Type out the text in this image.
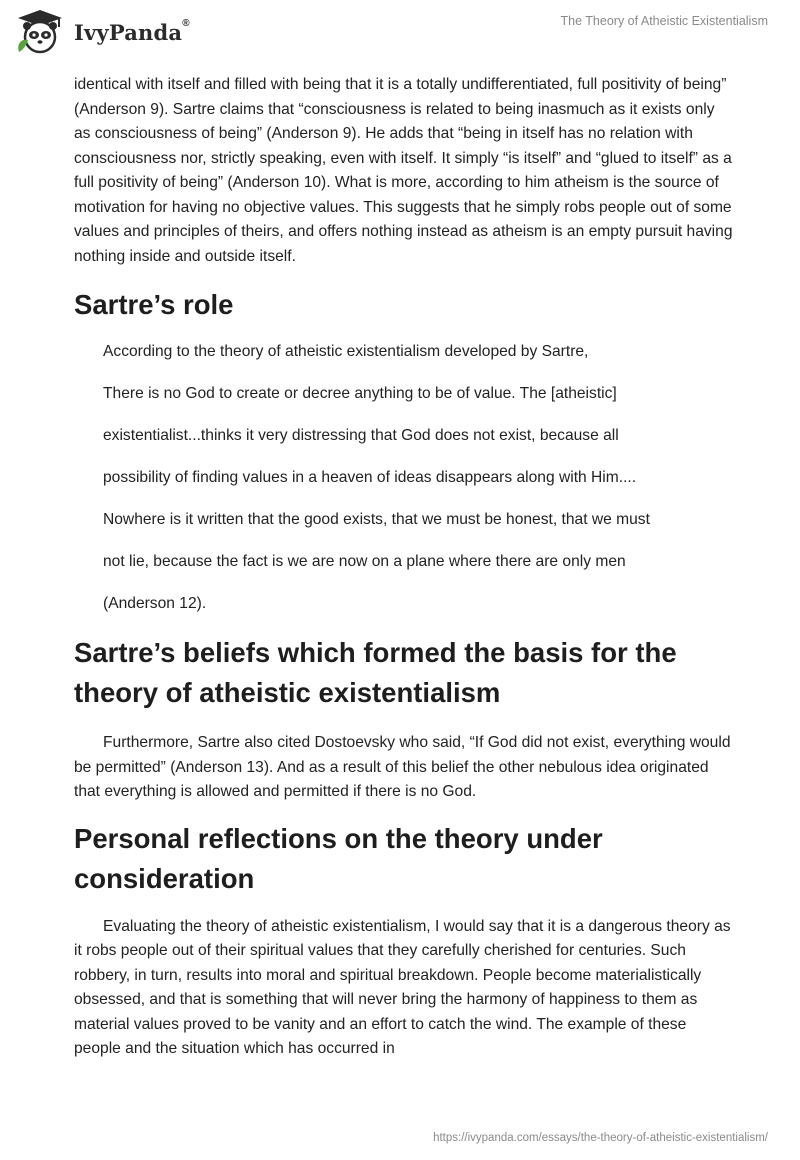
IvyPanda®	The Theory of Atheistic Existentialism

identical with itself and filled with being that it is a totally undifferentiated, full positivity of being” (Anderson 9). Sartre claims that “consciousness is related to being inasmuch as it exists only as consciousness of being” (Anderson 9). He adds that “being in itself has no relation with consciousness nor, strictly speaking, even with itself. It simply “is itself” and “glued to itself” as a full positivity of being” (Anderson 10). What is more, according to him atheism is the source of motivation for having no objective values. This suggests that he simply robs people out of some values and principles of theirs, and offers nothing instead as atheism is an empty pursuit having nothing inside and outside itself.

Sartre’s role

According to the theory of atheistic existentialism developed by Sartre,

There is no God to create or decree anything to be of value. The [atheistic]

existentialist...thinks it very distressing that God does not exist, because all

possibility of finding values in a heaven of ideas disappears along with Him....

Nowhere is it written that the good exists, that we must be honest, that we must

not lie, because the fact is we are now on a plane where there are only men

(Anderson 12).

Sartre’s beliefs which formed the basis for the theory of atheistic existentialism

Furthermore, Sartre also cited Dostoevsky who said, “If God did not exist, everything would be permitted” (Anderson 13). And as a result of this belief the other nebulous idea originated that everything is allowed and permitted if there is no God.

Personal reflections on the theory under consideration

Evaluating the theory of atheistic existentialism, I would say that it is a dangerous theory as it robs people out of their spiritual values that they carefully cherished for centuries. Such robbery, in turn, results into moral and spiritual breakdown. People become materialistically obsessed, and that is something that will never bring the harmony of happiness to them as material values proved to be vanity and an effort to catch the wind. The example of these people and the situation which has occurred in

https://ivypanda.com/essays/the-theory-of-atheistic-existentialism/
